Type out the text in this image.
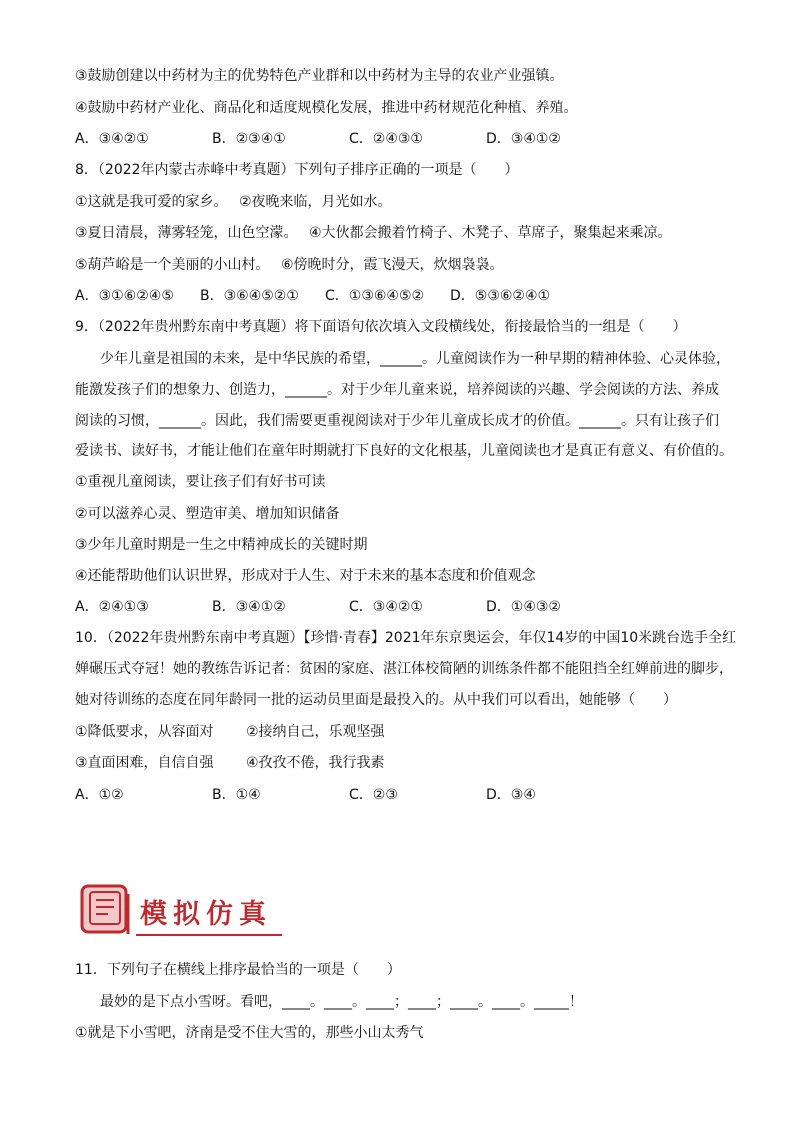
③鼓励创建以中药材为主的优势特色产业群和以中药材为主导的农业产业强镇。
④鼓励中药材产业化、商品化和适度规模化发展，推进中药材规范化种植、养殖。
A．③④②①	B．②③④①	C．②④③①	D．③④①②
8．（2022年内蒙古赤峰中考真题）下列句子排序正确的一项是（　　）
①这就是我可爱的家乡。　 ②夜晚来临，月光如水。
③夏日清晨，薄雾轻笼，山色空濛。　 ④大伙都会搬着竹椅子、木凳子、草席子，聚集起来乘凉。
⑤葫芦峪是一个美丽的小山村。　 ⑥傍晚时分，霞飞漫天，炊烟袅袅。
A．③①⑥②④⑤ B．③⑥④⑤②① C．①③⑥④⑤② D．⑤③⑥②④①
9．（2022年贵州黔东南中考真题）将下面语句依次填入文段横线处，衔接最恰当的一组是（　　）
少年儿童是祖国的未来，是中华民族的希望，______。儿童阅读作为一种早期的精神体验、心灵体验，
能激发孩子们的想象力、创造力，______。对于少年儿童来说，培养阅读的兴趣、学会阅读的方法、养成
阅读的习惯，______。因此，我们需要更重视阅读对于少年儿童成长成才的价值。______。只有让孩子们
爱读书、读好书，才能让他们在童年时期就打下良好的文化根基，儿童阅读也才是真正有意义、有价值的。
①重视儿童阅读，要让孩子们有好书可读
②可以滋养心灵、塑造审美、增加知识储备
③少年儿童时期是一生之中精神成长的关键时期
④还能帮助他们认识世界，形成对于人生、对于未来的基本态度和价值观念
A．②④①③	B．③④①②	C．③④②①	D．①④③②
10．（2022年贵州黔东南中考真题）【珍惜·青春】2021年东京奥运会，年仅14岁的中国10米跳台选手全红
婵碾压式夺冠！她的教练告诉记者：贫困的家庭、湛江体校简陋的训练条件都不能阻挡全红婵前进的脚步，
她对待训练的态度在同年龄同一批的运动员里面是最投入的。从中我们可以看出，她能够（　　）
①降低要求，从容面对　　 ②接纳自己，乐观坚强
③直面困难，自信自强　　 ④孜孜不倦，我行我素
A．①②	B．①④	C．②③	D．③④
模拟仿真
11．下列句子在横线上排序最恰当的一项是（　　）
最妙的是下点小雪呀。看吧，____。____。____；____；____。____。_____！
①就是下小雪吧，济南是受不住大雪的，那些小山太秀气
